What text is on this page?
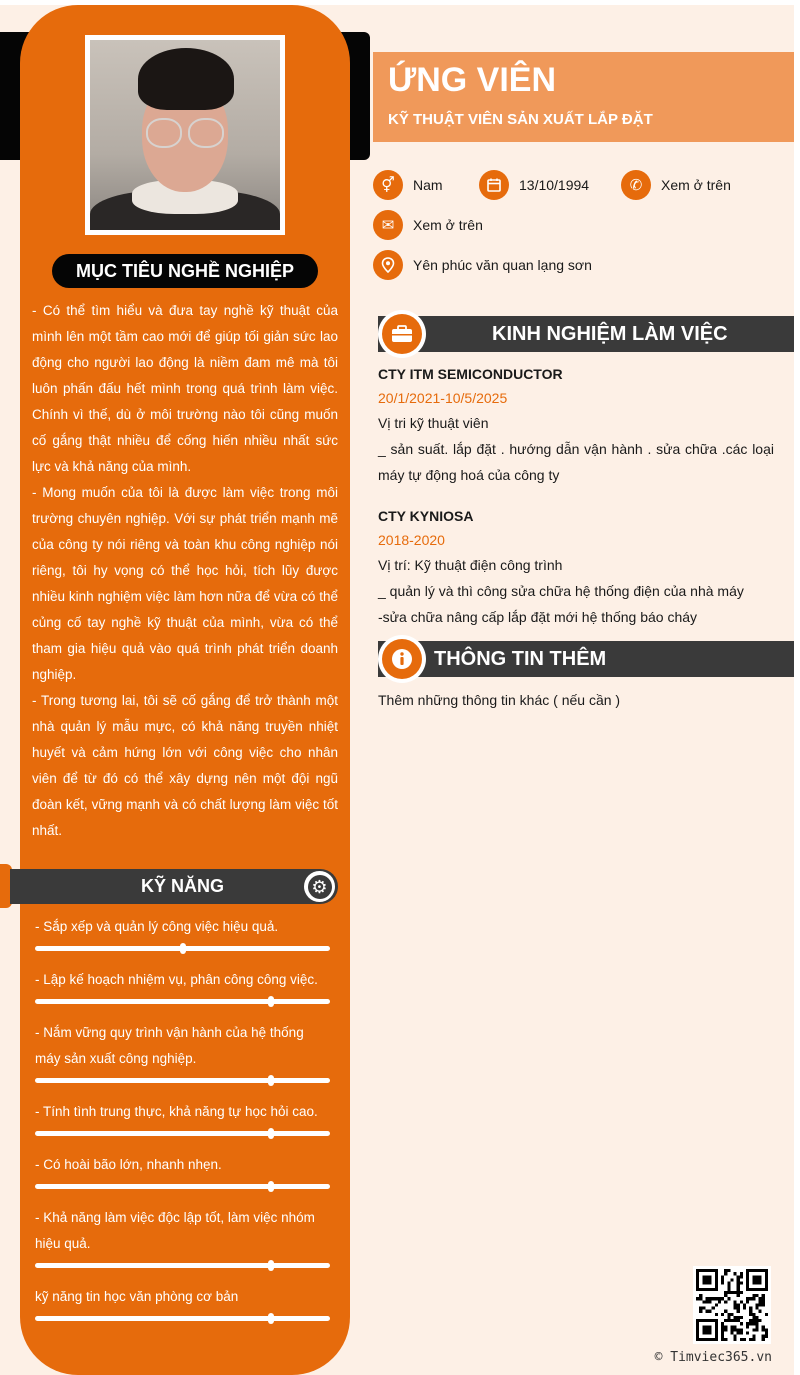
MỤC TIÊU NGHỀ NGHIỆP

- Có thể tìm hiểu và đưa tay nghề kỹ thuật của mình lên một tầm cao mới để giúp tối giản sức lao động cho người lao động là niềm đam mê mà tôi luôn phấn đấu hết mình trong quá trình làm việc. Chính vì thế, dù ở môi trường nào tôi cũng muốn cố gắng thật nhiều để cống hiến nhiều nhất sức lực và khả năng của mình.

- Mong muốn của tôi là được làm việc trong môi trường chuyên nghiệp. Với sự phát triển mạnh mẽ của công ty nói riêng và toàn khu công nghiệp nói riêng, tôi hy vọng có thể học hỏi, tích lũy được nhiều kinh nghiệm việc làm hơn nữa để vừa có thể củng cố tay nghề kỹ thuật của mình, vừa có thể tham gia hiệu quả vào quá trình phát triển doanh nghiệp.

- Trong tương lai, tôi sẽ cố gắng để trở thành một nhà quản lý mẫu mực, có khả năng truyền nhiệt huyết và cảm hứng lớn với công việc cho nhân viên để từ đó có thể xây dựng nên một đội ngũ đoàn kết, vững mạnh và có chất lượng làm việc tốt nhất.

KỸ NĂNG	⚙
- Sắp xếp và quản lý công việc hiệu quả.
- Lập kế hoạch nhiệm vụ, phân công công việc.
- Nắm vững quy trình vận hành của hệ thống máy sản xuất công nghiệp.
- Tính tình trung thực, khả năng tự học hỏi cao.
- Có hoài bão lớn, nhanh nhẹn.
- Khả năng làm việc độc lập tốt, làm việc nhóm hiệu quả.
kỹ năng tin học văn phòng cơ bản
ỨNG VIÊN
KỸ THUẬT VIÊN SẢN XUẤT LẮP ĐẶT
⚥	Nam	13/10/1994	✆	Xem ở trên
✉	Xem ở trên
Yên phúc văn quan lạng sơn
KINH NGHIỆM LÀM VIỆC
CTY ITM SEMICONDUCTOR
20/1/2021-10/5/2025
Vị tri kỹ thuật viên
_ sản suất. lắp đặt . hướng dẫn vận hành . sửa chữa .các loại máy tự động hoá của công ty
CTY KYNIOSA
2018-2020
Vị trí: Kỹ thuật điện công trình
_ quản lý và thì công sửa chữa hệ thống điện của nhà máy
-sửa chữa nâng cấp lắp đặt mới hệ thống báo cháy
THÔNG TIN THÊM
Thêm những thông tin khác ( nếu cần )
© Timviec365.vn
